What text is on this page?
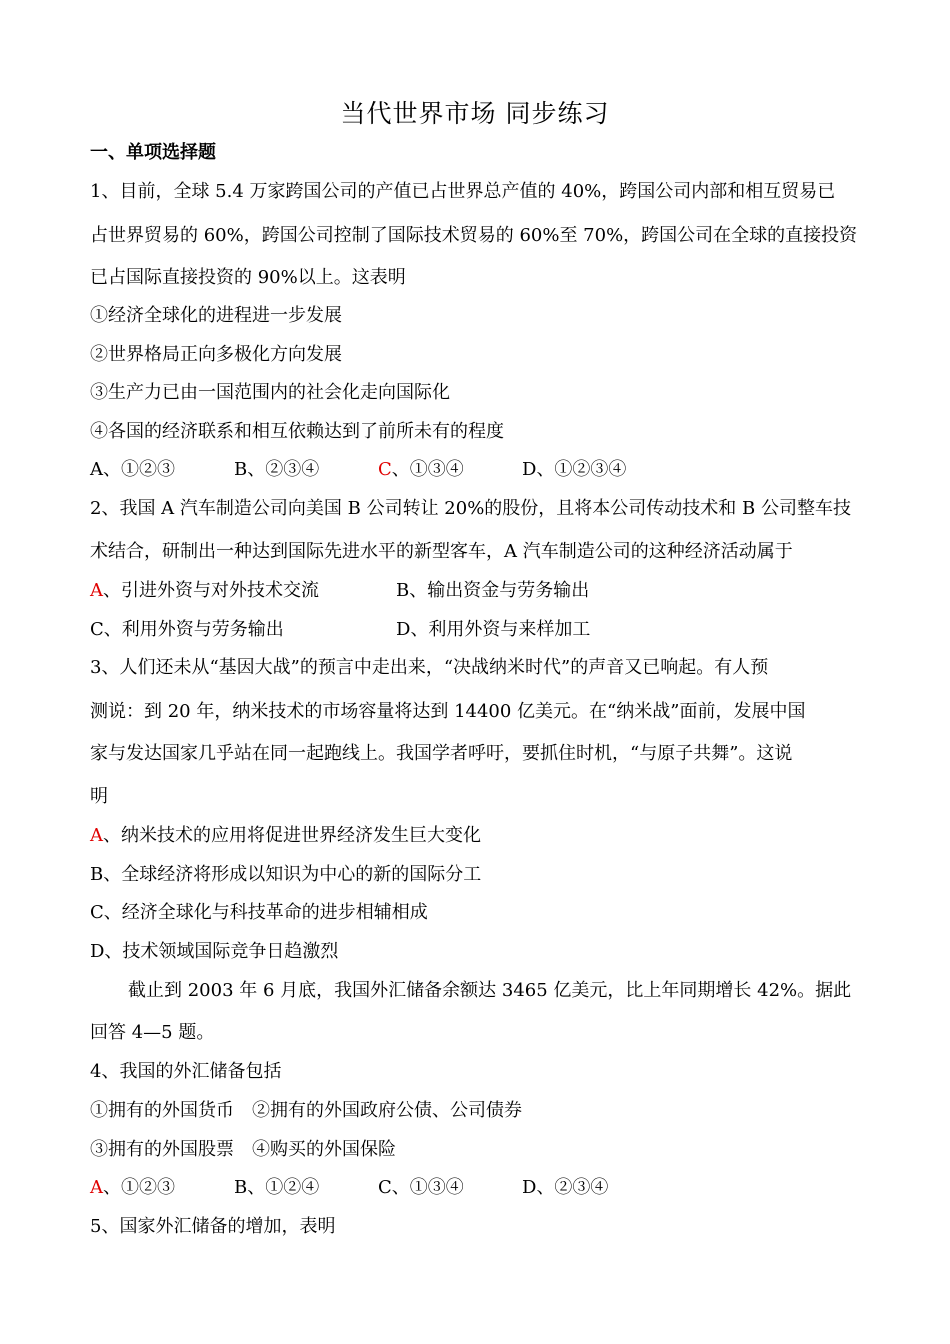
当代世界市场 同步练习
一、单项选择题
1、目前，全球 5.4 万家跨国公司的产值已占世界总产值的 40%，跨国公司内部和相互贸易已
占世界贸易的 60%，跨国公司控制了国际技术贸易的 60%至 70%，跨国公司在全球的直接投资
已占国际直接投资的 90%以上。这表明
①经济全球化的进程进一步发展
②世界格局正向多极化方向发展
③生产力已由一国范围内的社会化走向国际化
④各国的经济联系和相互依赖达到了前所未有的程度
A、①②③	B、②③④	C、①③④	D、①②③④
2、我国 A 汽车制造公司向美国 B 公司转让 20%的股份，且将本公司传动技术和 B 公司整车技
术结合，研制出一种达到国际先进水平的新型客车，A 汽车制造公司的这种经济活动属于
A、引进外资与对外技术交流	B、输出资金与劳务输出
C、利用外资与劳务输出	D、利用外资与来样加工
3、人们还未从“基因大战”的预言中走出来，“决战纳米时代”的声音又已响起。有人预
测说：到 20 年，纳米技术的市场容量将达到 14400 亿美元。在“纳米战”面前，发展中国
家与发达国家几乎站在同一起跑线上。我国学者呼吁，要抓住时机，“与原子共舞”。这说
明
A、纳米技术的应用将促进世界经济发生巨大变化
B、全球经济将形成以知识为中心的新的国际分工
C、经济全球化与科技革命的进步相辅相成
D、技术领域国际竞争日趋激烈
截止到 2003 年 6 月底，我国外汇储备余额达 3465 亿美元，比上年同期增长 42%。据此
回答 4—5 题。
4、我国的外汇储备包括
①拥有的外国货币　②拥有的外国政府公债、公司债券
③拥有的外国股票　④购买的外国保险
A、①②③	B、①②④	C、①③④	D、②③④
5、国家外汇储备的增加，表明
